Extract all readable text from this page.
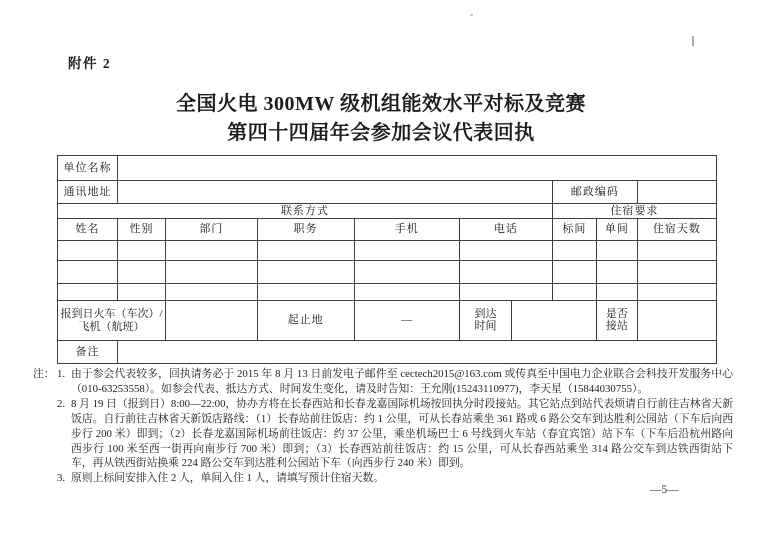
附件 2
全国火电 300MW 级机组能效水平对标及竞赛
第四十四届年会参加会议代表回执
单位名称									
通讯地址							邮政编码		
联系方式							住宿要求		
姓名	性别	部门	职务	手机	电话		标间	单间	住宿天数

报到日火车（车次）/飞机（航班）			起止地	—	到达时间			是否接站	
备注									
注： 1. 由于参会代表较多，回执请务必于 2015 年 8 月 13 日前发电子邮件至 cectech2015@163.com 或传真至中国电力企业联合会科技开发服务中心（010-63253558）。如参会代表、抵达方式、时间发生变化，请及时告知：王允刚(15243110977)，李天星（15844030755）。
2. 8 月 19 日（报到日）8:00—22:00，协办方将在长春西站和长春龙嘉国际机场按回执分时段接站。其它站点到站代表烦请自行前往吉林省天新饭店。自行前往吉林省天新饭店路线：（1）长春站前往饭店：约 1 公里，可从长春站乘坐 361 路或 6 路公交车到达胜利公园站（下车后向西步行 200 米）即到；（2）长春龙嘉国际机场前往饭店：约 37 公里，乘坐机场巴士 6 号线到火车站（春宜宾馆）站下车（下车后沿杭州路向西步行 100 米至西一街再向南步行 700 米）即到；（3）长春西站前往饭店：约 15 公里，可从长春西站乘坐 314 路公交车到达铁西街站下车，再从铁西街站换乘 224 路公交车到达胜利公园站下车（向西步行 240 米）即到。
3. 原则上标间安排入住 2 人，单间入住 1 人，请填写预计住宿天数。
—5—
